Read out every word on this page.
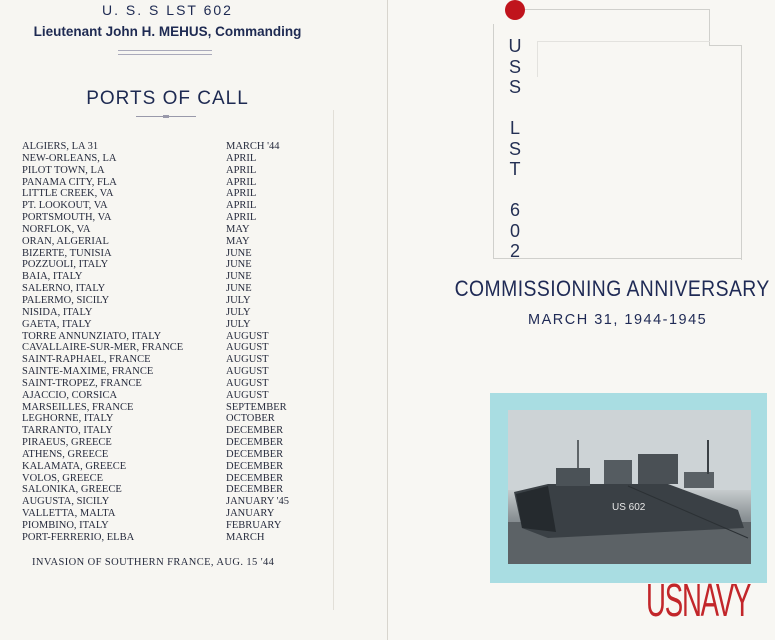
U. S. S LST 602
Lieutenant John H. MEHUS, Commanding
PORTS OF CALL
ALGIERS, LA 31	MARCH '44
NEW-ORLEANS, LA	APRIL
PILOT TOWN, LA	APRIL
PANAMA CITY, FLA	APRIL
LITTLE CREEK, VA	APRIL
PT. LOOKOUT, VA	APRIL
PORTSMOUTH, VA	APRIL
NORFLOK, VA	MAY
ORAN, ALGERIAL	MAY
BIZERTE, TUNISIA	JUNE
POZZUOLI, ITALY	JUNE
BAIA, ITALY	JUNE
SALERNO, ITALY	JUNE
PALERMO, SICILY	JULY
NISIDA, ITALY	JULY
GAETA, ITALY	JULY
TORRE ANNUNZIATO, ITALY	AUGUST
CAVALLAIRE-SUR-MER, FRANCE	AUGUST
SAINT-RAPHAEL, FRANCE	AUGUST
SAINTE-MAXIME, FRANCE	AUGUST
SAINT-TROPEZ, FRANCE	AUGUST
AJACCIO, CORSICA	AUGUST
MARSEILLES, FRANCE	SEPTEMBER
LEGHORNE, ITALY	OCTOBER
TARRANTO, ITALY	DECEMBER
PIRAEUS, GREECE	DECEMBER
ATHENS, GREECE	DECEMBER
KALAMATA, GREECE	DECEMBER
VOLOS, GREECE	DECEMBER
SALONIKA, GREECE	DECEMBER
AUGUSTA, SICILY	JANUARY '45
VALLETTA, MALTA	JANUARY
PIOMBINO, ITALY	FEBRUARY
PORT-FERRERIO, ELBA	MARCH
INVASION OF SOUTHERN FRANCE, AUG. 15 '44
U
S
S
L
S
T
6
0
2
COMMISSIONING ANNIVERSARY
MARCH 31, 1944-1945
US 602
USNAVY
